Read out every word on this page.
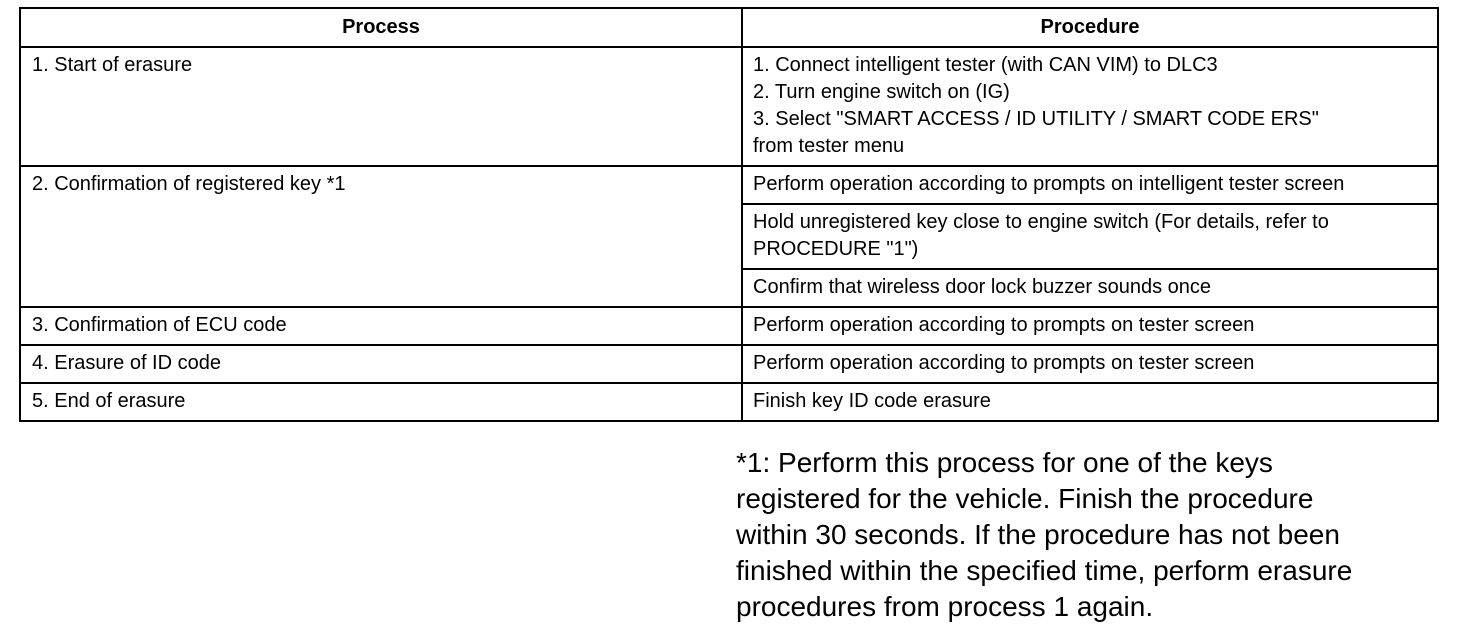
Process	Procedure
1. Start of erasure	1. Connect intelligent tester (with CAN VIM) to DLC3
2. Turn engine switch on (IG)
3. Select "SMART ACCESS / ID UTILITY / SMART CODE ERS"
from tester menu

2. Confirmation of registered key *1	Perform operation according to prompts on intelligent tester screen

	Hold unregistered key close to engine switch (For details, refer to
PROCEDURE "1")

	Confirm that wireless door lock buzzer sounds once

3. Confirmation of ECU code	Perform operation according to prompts on tester screen

4. Erasure of ID code	Perform operation according to prompts on tester screen

5. End of erasure	Finish key ID code erasure
*1: Perform this process for one of the keys
registered for the vehicle. Finish the procedure
within 30 seconds. If the procedure has not been
finished within the specified time, perform erasure
procedures from process 1 again.
